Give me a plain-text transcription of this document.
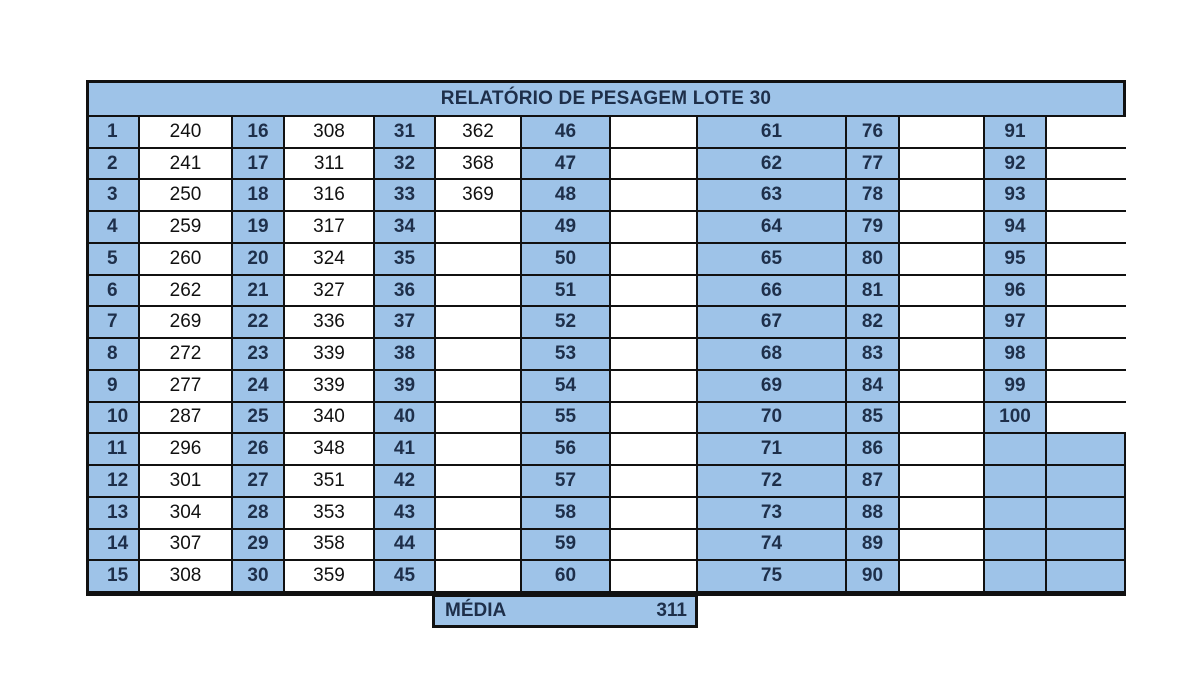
RELATÓRIO DE PESAGEM LOTE 30
1	240
2	241
3	250
4	259
5	260
6	262
7	269
8	272
9	277
10	287
11	296
12	301
13	304
14	307
15	308
16	308
17	311
18	316
19	317
20	324
21	327
22	336
23	339
24	339
25	340
26	348
27	351
28	353
29	358
30	359
31	362
32	368
33	369
34
35
36
37
38
39
40
41
42
43
44
45
46
47
48
49
50
51
52
53
54
55
56
57
58
59
60
61
62
63
64
65
66
67
68
69
70
71
72
73
74
75
76
77
78
79
80
81
82
83
84
85
86
87
88
89
90
91
92
93
94
95
96
97
98
99
100
MÉDIA	311
